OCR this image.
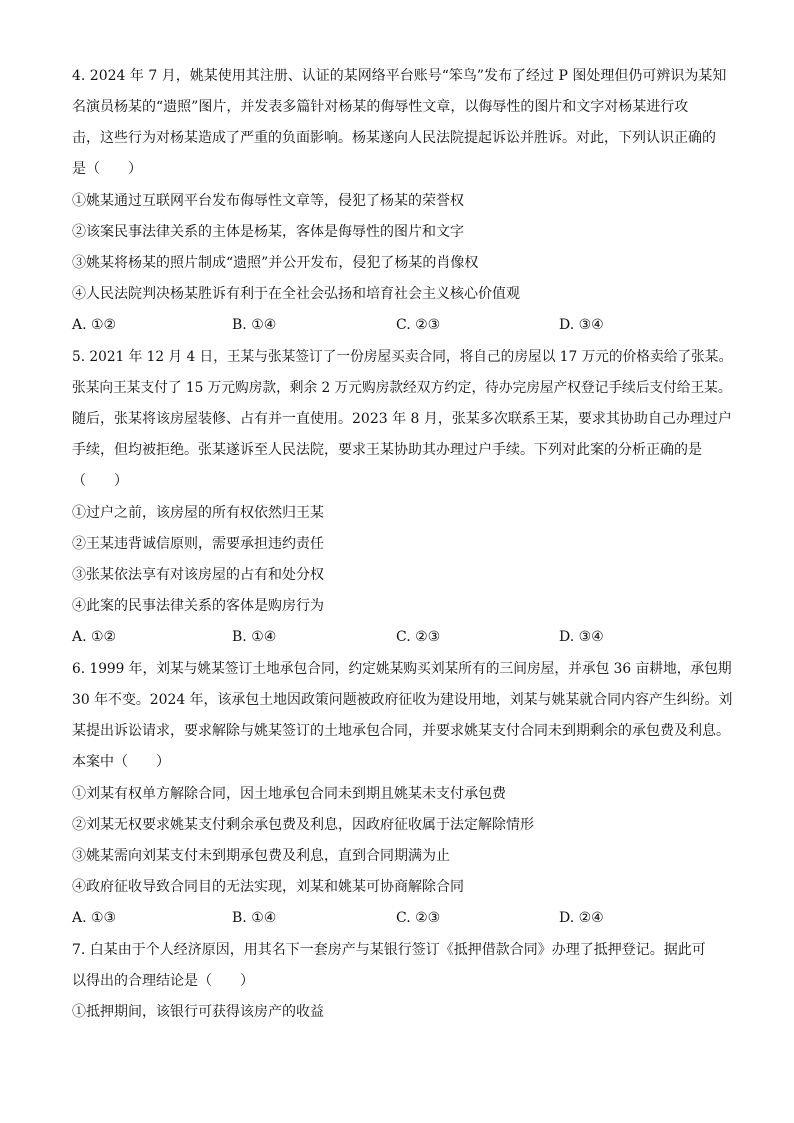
4. 2024 年 7 月，姚某使用其注册、认证的某网络平台账号“笨鸟”发布了经过 P 图处理但仍可辨识为某知
名演员杨某的“遗照”图片，并发表多篇针对杨某的侮辱性文章，以侮辱性的图片和文字对杨某进行攻
击，这些行为对杨某造成了严重的负面影响。杨某遂向人民法院提起诉讼并胜诉。对此，下列认识正确的
是（　　）
①姚某通过互联网平台发布侮辱性文章等，侵犯了杨某的荣誉权
②该案民事法律关系的主体是杨某，客体是侮辱性的图片和文字
③姚某将杨某的照片制成“遗照”并公开发布，侵犯了杨某的肖像权
④人民法院判决杨某胜诉有利于在全社会弘扬和培育社会主义核心价值观
A. ①②	B. ①④	C. ②③	D. ③④
5. 2021 年 12 月 4 日，王某与张某签订了一份房屋买卖合同，将自己的房屋以 17 万元的价格卖给了张某。
张某向王某支付了 15 万元购房款，剩余 2 万元购房款经双方约定，待办完房屋产权登记手续后支付给王某。
随后，张某将该房屋装修、占有并一直使用。2023 年 8 月，张某多次联系王某，要求其协助自己办理过户
手续，但均被拒绝。张某遂诉至人民法院，要求王某协助其办理过户手续。下列对此案的分析正确的是
（　　）
①过户之前，该房屋的所有权依然归王某
②王某违背诚信原则，需要承担违约责任
③张某依法享有对该房屋的占有和处分权
④此案的民事法律关系的客体是购房行为
A. ①②	B. ①④	C. ②③	D. ③④
6. 1999 年，刘某与姚某签订土地承包合同，约定姚某购买刘某所有的三间房屋，并承包 36 亩耕地，承包期
30 年不变。2024 年，该承包土地因政策问题被政府征收为建设用地，刘某与姚某就合同内容产生纠纷。刘
某提出诉讼请求，要求解除与姚某签订的土地承包合同，并要求姚某支付合同未到期剩余的承包费及利息。
本案中（　　）
①刘某有权单方解除合同，因土地承包合同未到期且姚某未支付承包费
②刘某无权要求姚某支付剩余承包费及利息，因政府征收属于法定解除情形
③姚某需向刘某支付未到期承包费及利息，直到合同期满为止
④政府征收导致合同目的无法实现，刘某和姚某可协商解除合同
A. ①③	B. ①④	C. ②③	D. ②④
7. 白某由于个人经济原因，用其名下一套房产与某银行签订《抵押借款合同》办理了抵押登记。据此可
以得出的合理结论是（　　）
①抵押期间，该银行可获得该房产的收益
